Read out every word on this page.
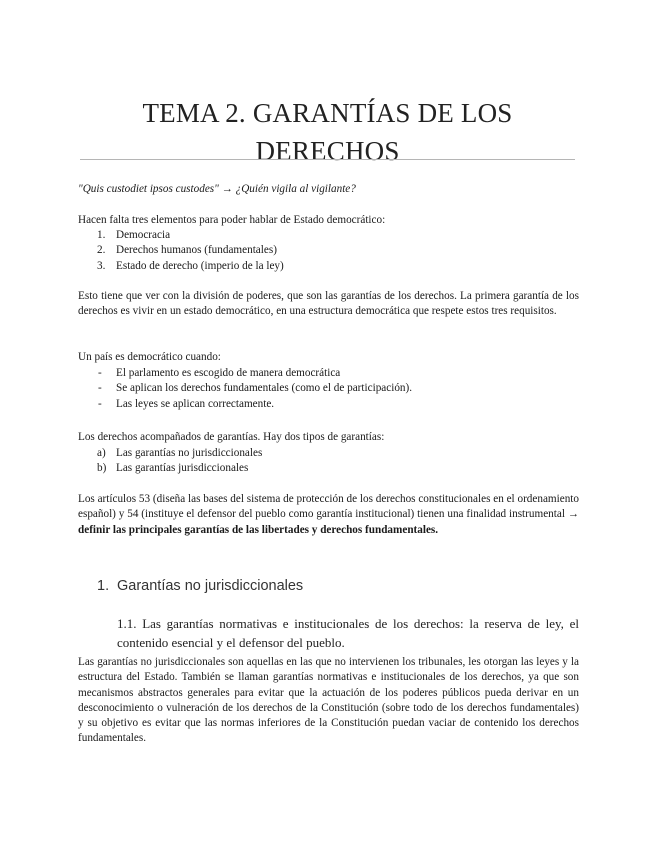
TEMA 2. GARANTÍAS DE LOS DERECHOS

"Quis custodiet ipsos custodes" → ¿Quién vigila al vigilante?

Hacen falta tres elementos para poder hablar de Estado democrático:

1. Democracia
2. Derechos humanos (fundamentales)
3. Estado de derecho (imperio de la ley)

Esto tiene que ver con la división de poderes, que son las garantías de los derechos. La primera garantía de los derechos es vivir en un estado democrático, en una estructura democrática que respete estos tres requisitos.

Un país es democrático cuando:

- El parlamento es escogido de manera democrática
- Se aplican los derechos fundamentales (como el de participación).
- Las leyes se aplican correctamente.

Los derechos acompañados de garantías. Hay dos tipos de garantías:

a) Las garantías no jurisdiccionales
b) Las garantías jurisdiccionales

Los artículos 53 (diseña las bases del sistema de protección de los derechos constitucionales en el ordenamiento español) y 54 (instituye el defensor del pueblo como garantía institucional) tienen una finalidad instrumental → definir las principales garantías de las libertades y derechos fundamentales.

1. Garantías no jurisdiccionales
1.1. Las garantías normativas e institucionales de los derechos: la reserva de ley, el contenido esencial y el defensor del pueblo.

Las garantías no jurisdiccionales son aquellas en las que no intervienen los tribunales, les otorgan las leyes y la estructura del Estado. También se llaman garantías normativas e institucionales de los derechos, ya que son mecanismos abstractos generales para evitar que la actuación de los poderes públicos pueda derivar en un desconocimiento o vulneración de los derechos de la Constitución (sobre todo de los derechos fundamentales) y su objetivo es evitar que las normas inferiores de la Constitución puedan vaciar de contenido los derechos fundamentales.
